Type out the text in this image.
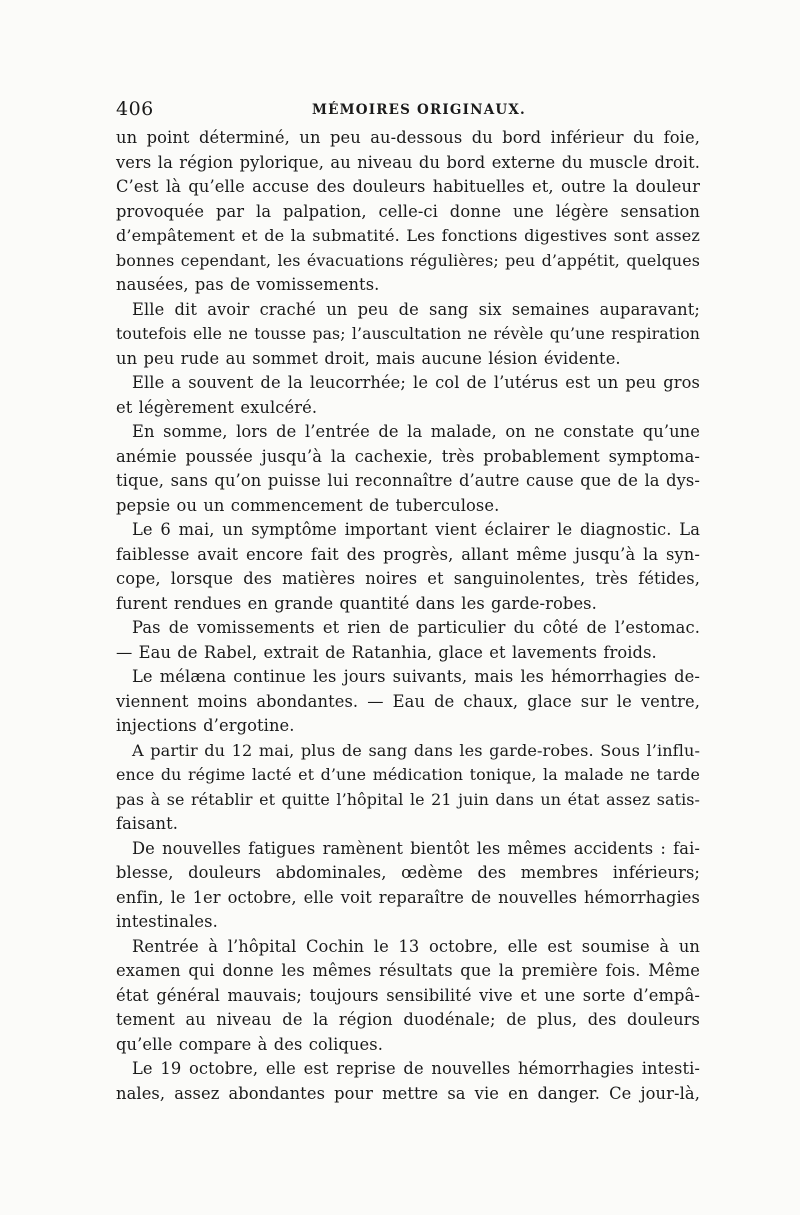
406	MÉMOIRES ORIGINAUX.

un point déterminé, un peu au-dessous du bord inférieur du foie,

vers la région pylorique, au niveau du bord externe du muscle droit.

C’est là qu’elle accuse des douleurs habituelles et, outre la douleur

provoquée par la palpation, celle-ci donne une légère sensation

d’empâtement et de la submatité. Les fonctions digestives sont assez

bonnes cependant, les évacuations régulières; peu d’appétit, quelques

nausées, pas de vomissements.

Elle dit avoir craché un peu de sang six semaines auparavant;

toutefois elle ne tousse pas; l’auscultation ne révèle qu’une respiration

un peu rude au sommet droit, mais aucune lésion évidente.

Elle a souvent de la leucorrhée; le col de l’utérus est un peu gros

et légèrement exulcéré.

En somme, lors de l’entrée de la malade, on ne constate qu’une

anémie poussée jusqu’à la cachexie, très probablement symptoma-

tique, sans qu’on puisse lui reconnaître d’autre cause que de la dys-

pepsie ou un commencement de tuberculose.

Le 6 mai, un symptôme important vient éclairer le diagnostic. La

faiblesse avait encore fait des progrès, allant même jusqu’à la syn-

cope, lorsque des matières noires et sanguinolentes, très fétides,

furent rendues en grande quantité dans les garde-robes.

Pas de vomissements et rien de particulier du côté de l’estomac.

— Eau de Rabel, extrait de Ratanhia, glace et lavements froids.

Le mélæna continue les jours suivants, mais les hémorrhagies de-

viennent moins abondantes. — Eau de chaux, glace sur le ventre,

injections d’ergotine.

A partir du 12 mai, plus de sang dans les garde-robes. Sous l’influ-

ence du régime lacté et d’une médication tonique, la malade ne tarde

pas à se rétablir et quitte l’hôpital le 21 juin dans un état assez satis-

faisant.

De nouvelles fatigues ramènent bientôt les mêmes accidents : fai-

blesse, douleurs abdominales, œdème des membres inférieurs;

enfin, le 1er octobre, elle voit reparaître de nouvelles hémorrhagies

intestinales.

Rentrée à l’hôpital Cochin le 13 octobre, elle est soumise à un

examen qui donne les mêmes résultats que la première fois. Même

état général mauvais; toujours sensibilité vive et une sorte d’empâ-

tement au niveau de la région duodénale; de plus, des douleurs

qu’elle compare à des coliques.

Le 19 octobre, elle est reprise de nouvelles hémorrhagies intesti-

nales, assez abondantes pour mettre sa vie en danger. Ce jour-là,
